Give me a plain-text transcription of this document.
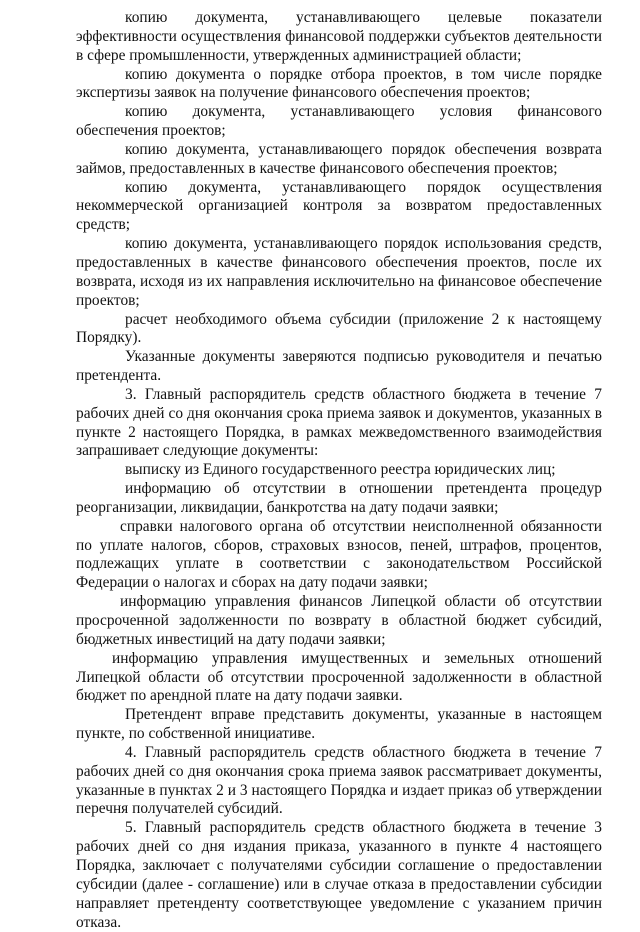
копию документа, устанавливающего целевые показатели эффективности осуществления финансовой поддержки субъектов деятельности в сфере промышленности, утвержденных администрацией области;

копию документа о порядке отбора проектов, в том числе порядке экспертизы заявок на получение финансового обеспечения проектов;

копию документа, устанавливающего условия финансового обеспечения проектов;

копию документа, устанавливающего порядок обеспечения возврата займов, предоставленных в качестве финансового обеспечения проектов;

копию документа, устанавливающего порядок осуществления некоммерческой организацией контроля за возвратом предоставленных средств;

копию документа, устанавливающего порядок использования средств, предоставленных в качестве финансового обеспечения проектов, после их возврата, исходя из их направления исключительно на финансовое обеспечение проектов;

расчет необходимого объема субсидии (приложение 2 к настоящему Порядку).

Указанные документы заверяются подписью руководителя и печатью претендента.

3. Главный распорядитель средств областного бюджета в течение 7 рабочих дней со дня окончания срока приема заявок и документов, указанных в пункте 2 настоящего Порядка, в рамках межведомственного взаимодействия запрашивает следующие документы:

выписку из Единого государственного реестра юридических лиц;

информацию об отсутствии в отношении претендента процедур реорганизации, ликвидации, банкротства на дату подачи заявки;

справки налогового органа об отсутствии неисполненной обязанности по уплате налогов, сборов, страховых взносов, пеней, штрафов, процентов, подлежащих уплате в соответствии с законодательством Российской Федерации о налогах и сборах на дату подачи заявки;

информацию управления финансов Липецкой области об отсутствии просроченной задолженности по возврату в областной бюджет субсидий, бюджетных инвестиций на дату подачи заявки;

информацию управления имущественных и земельных отношений Липецкой области об отсутствии просроченной задолженности в областной бюджет по арендной плате на дату подачи заявки.

Претендент вправе представить документы, указанные в настоящем пункте, по собственной инициативе.

4. Главный распорядитель средств областного бюджета в течение 7 рабочих дней со дня окончания срока приема заявок рассматривает документы, указанные в пунктах 2 и 3 настоящего Порядка и издает приказ об утверждении перечня получателей субсидий.

5. Главный распорядитель средств областного бюджета в течение 3 рабочих дней со дня издания приказа, указанного в пункте 4 настоящего Порядка, заключает с получателями субсидии соглашение о предоставлении субсидии (далее - соглашение) или в случае отказа в предоставлении субсидии направляет претенденту соответствующее уведомление с указанием причин отказа.
